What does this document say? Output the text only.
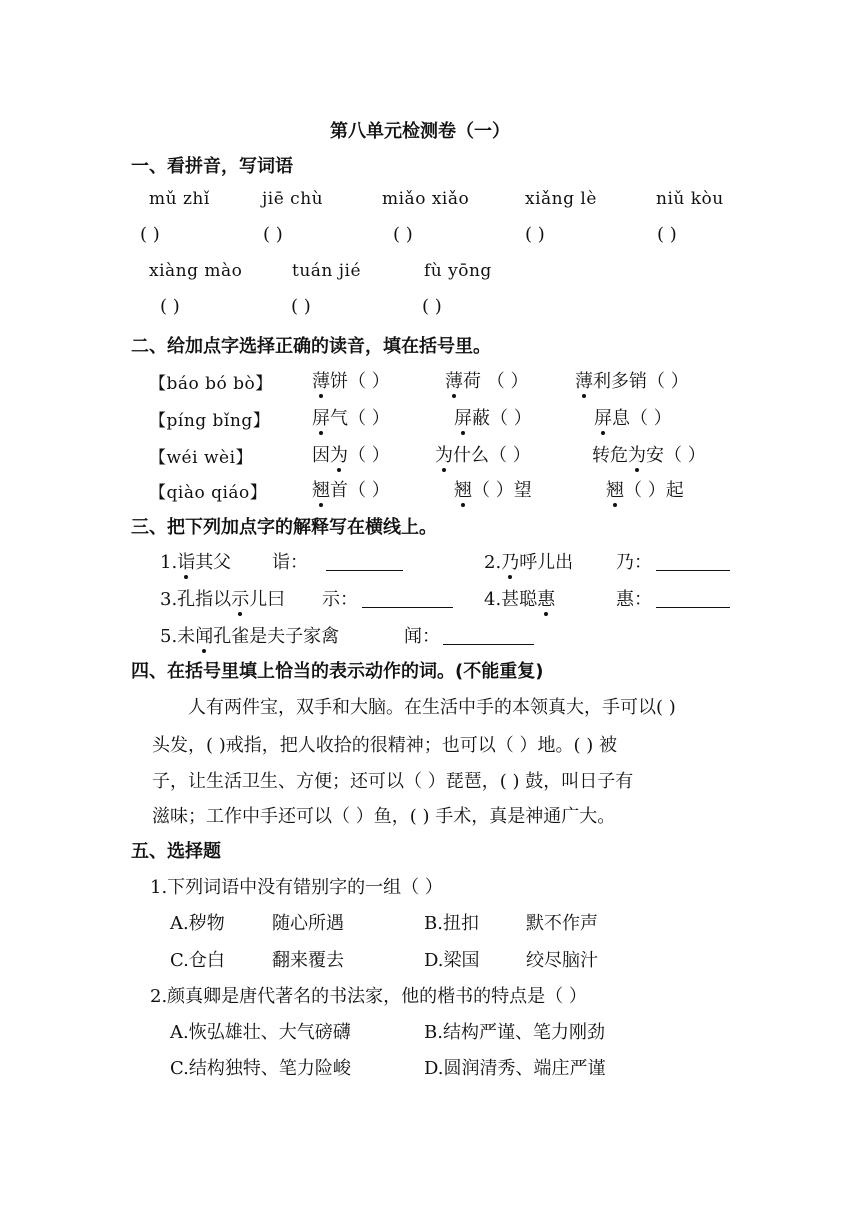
第八单元检测卷（一）
一、看拼音，写词语
mǔ zhǐ	jiē chù	miǎo xiǎo	xiǎng lè	niǔ kòu
( )	( )	( )	( )	( )
xiàng mào	tuán jié	fù yōng
( )	( )	( )
二、给加点字选择正确的读音，填在括号里。
【báo bó bò】 薄饼（ ）	薄荷 （ ）	薄利多销（ ）
【píng bǐng】 屏气（ ）	屏蔽（ ）	屏息（ ）
【wéi wèi】	因为（ ）	为什么（ ）	转危为安（ ）
【qiào qiáo】 翘首（ ）	翘（ ）望	翘（ ）起
三、把下列加点字的解释写在横线上。
1.诣其父 诣：	2.乃呼儿出 乃：
3.孔指以示儿曰 示：	4.甚聪惠	惠：
5.未闻孔雀是夫子家禽	闻：
四、在括号里填上恰当的表示动作的词。(不能重复)
人有两件宝，双手和大脑。在生活中手的本领真大，手可以( )
头发，( )戒指，把人收拾的很精神；也可以（ ）地。( ) 被
子，让生活卫生、方便；还可以（ ）琵琶，( ) 鼓，叫日子有
滋味；工作中手还可以（ ）鱼，( ) 手术，真是神通广大。
五、选择题
1.下列词语中没有错别字的一组（ ）
A.秽物	随心所遇	B.扭扣	默不作声
C.仓白	翻来覆去	D.梁国	绞尽脑汁
2.颜真卿是唐代著名的书法家，他的楷书的特点是（ ）
A.恢弘雄壮、大气磅礴	B.结构严谨、笔力刚劲
C.结构独特、笔力险峻	D.圆润清秀、端庄严谨
